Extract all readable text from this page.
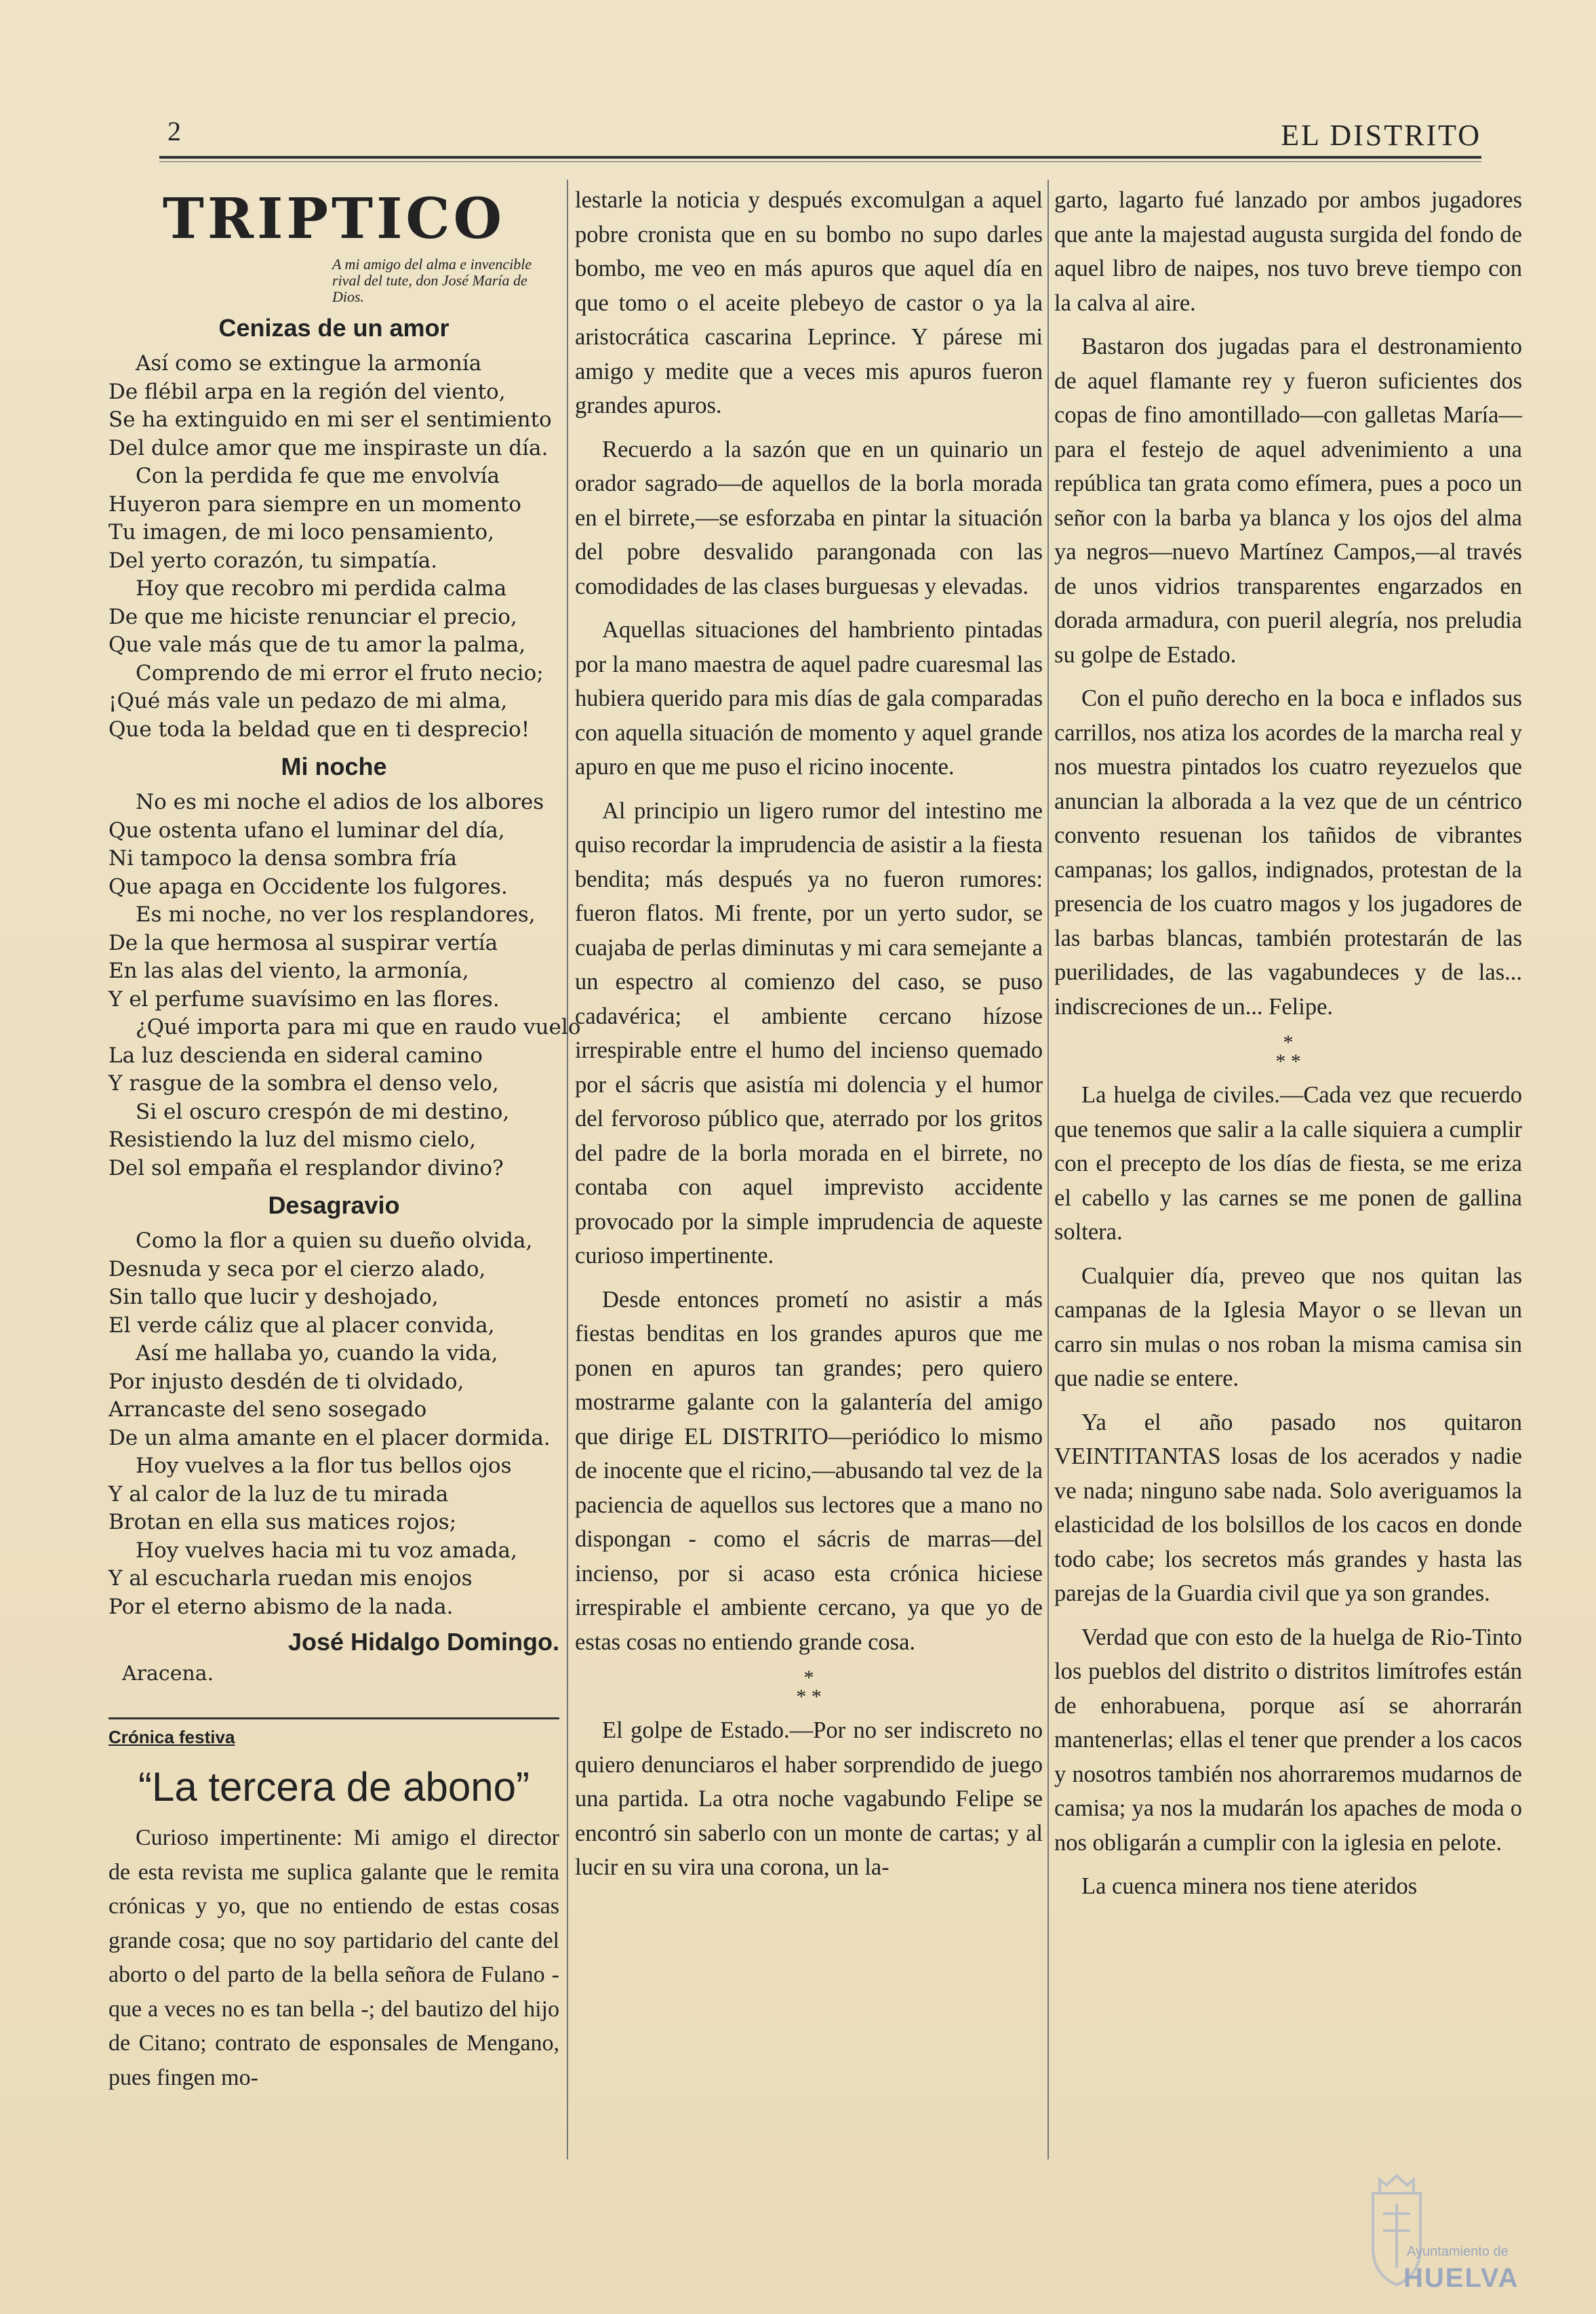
2	EL DISTRITO
TRIPTICO
A mi amigo del alma e invencible rival del tute, don José María de Dios.
Cenizas de un amor
Así como se extingue la armonía
De flébil arpa en la región del viento,
Se ha extinguido en mi ser el sentimiento
Del dulce amor que me inspiraste un día.
Con la perdida fe que me envolvía
Huyeron para siempre en un momento
Tu imagen, de mi loco pensamiento,
Del yerto corazón, tu simpatía.
Hoy que recobro mi perdida calma
De que me hiciste renunciar el precio,
Que vale más que de tu amor la palma,
Comprendo de mi error el fruto necio;
¡Qué más vale un pedazo de mi alma,
Que toda la beldad que en ti desprecio!
Mi noche
No es mi noche el adios de los albores
Que ostenta ufano el luminar del día,
Ni tampoco la densa sombra fría
Que apaga en Occidente los fulgores.
Es mi noche, no ver los resplandores,
De la que hermosa al suspirar vertía
En las alas del viento, la armonía,
Y el perfume suavísimo en las flores.
¿Qué importa para mi que en raudo vuelo
La luz descienda en sideral camino
Y rasgue de la sombra el denso velo,
Si el oscuro crespón de mi destino,
Resistiendo la luz del mismo cielo,
Del sol empaña el resplandor divino?
Desagravio
Como la flor a quien su dueño olvida,
Desnuda y seca por el cierzo alado,
Sin tallo que lucir y deshojado,
El verde cáliz que al placer convida,
Así me hallaba yo, cuando la vida,
Por injusto desdén de ti olvidado,
Arrancaste del seno sosegado
De un alma amante en el placer dormida.
Hoy vuelves a la flor tus bellos ojos
Y al calor de la luz de tu mirada
Brotan en ella sus matices rojos;
Hoy vuelves hacia mi tu voz amada,
Y al escucharla ruedan mis enojos
Por el eterno abismo de la nada.
José Hidalgo Domingo.
Aracena.
Crónica festiva
“La tercera de abono”

Curioso impertinente: Mi amigo el director de esta revista me suplica galante que le remita crónicas y yo, que no entiendo de estas cosas grande cosa; que no soy partidario del cante del aborto o del parto de la bella señora de Fulano - que a veces no es tan bella -; del bautizo del hijo de Citano; contrato de esponsales de Mengano, pues fingen mo-

lestarle la noticia y después excomulgan a aquel pobre cronista que en su bombo no supo darles bombo, me veo en más apuros que aquel día en que tomo o el aceite plebeyo de castor o ya la aristocrática cascarina Leprince. Y párese mi amigo y medite que a veces mis apuros fueron grandes apuros.

Recuerdo a la sazón que en un quinario un orador sagrado—de aquellos de la borla morada en el birrete,—se esforzaba en pintar la situación del pobre desvalido parangonada con las comodidades de las clases burguesas y elevadas.

Aquellas situaciones del hambriento pintadas por la mano maestra de aquel padre cuaresmal las hubiera querido para mis días de gala comparadas con aquella situación de momento y aquel grande apuro en que me puso el ricino inocente.

Al principio un ligero rumor del intestino me quiso recordar la imprudencia de asistir a la fiesta bendita; más después ya no fueron rumores: fueron flatos. Mi frente, por un yerto sudor, se cuajaba de perlas diminutas y mi cara semejante a un espectro al comienzo del caso, se puso cadavérica; el ambiente cercano hízose irrespirable entre el humo del incienso quemado por el sácris que asistía mi dolencia y el humor del fervoroso público que, aterrado por los gritos del padre de la borla morada en el birrete, no contaba con aquel imprevisto accidente provocado por la simple imprudencia de aqueste curioso impertinente.

Desde entonces prometí no asistir a más fiestas benditas en los grandes apuros que me ponen en apuros tan grandes; pero quiero mostrarme galante con la galantería del amigo que dirige EL DISTRITO—periódico lo mismo de inocente que el ricino,—abusando tal vez de la paciencia de aquellos sus lectores que a mano no dispongan - como el sácris de marras—del incienso, por si acaso esta crónica hiciese irrespirable el ambiente cercano, ya que yo de estas cosas no entiendo grande cosa.

*
* *

El golpe de Estado.—Por no ser indiscreto no quiero denunciaros el haber sorprendido de juego una partida. La otra noche vagabundo Felipe se encontró sin saberlo con un monte de cartas; y al lucir en su vira una corona, un la-

garto, lagarto fué lanzado por ambos jugadores que ante la majestad augusta surgida del fondo de aquel libro de naipes, nos tuvo breve tiempo con la calva al aire.

Bastaron dos jugadas para el destronamiento de aquel flamante rey y fueron suficientes dos copas de fino amontillado—con galletas María—para el festejo de aquel advenimiento a una república tan grata como efímera, pues a poco un señor con la barba ya blanca y los ojos del alma ya negros—nuevo Martínez Campos,—al través de unos vidrios transparentes engarzados en dorada armadura, con pueril alegría, nos preludia su golpe de Estado.

Con el puño derecho en la boca e inflados sus carrillos, nos atiza los acordes de la marcha real y nos muestra pintados los cuatro reyezuelos que anuncian la alborada a la vez que de un céntrico convento resuenan los tañidos de vibrantes campanas; los gallos, indignados, protestan de la presencia de los cuatro magos y los jugadores de las barbas blancas, también protestarán de las puerilidades, de las vagabundeces y de las... indiscreciones de un... Felipe.

*
* *

La huelga de civiles.—Cada vez que recuerdo que tenemos que salir a la calle siquiera a cumplir con el precepto de los días de fiesta, se me eriza el cabello y las carnes se me ponen de gallina soltera.

Cualquier día, preveo que nos quitan las campanas de la Iglesia Mayor o se llevan un carro sin mulas o nos roban la misma camisa sin que nadie se entere.

Ya el año pasado nos quitaron VEINTITANTAS losas de los acerados y nadie ve nada; ninguno sabe nada. Solo averiguamos la elasticidad de los bolsillos de los cacos en donde todo cabe; los secretos más grandes y hasta las parejas de la Guardia civil que ya son grandes.

Verdad que con esto de la huelga de Rio-Tinto los pueblos del distrito o distritos limítrofes están de enhorabuena, porque así se ahorrarán mantenerlas; ellas el tener que prender a los cacos y nosotros también nos ahorraremos mudarnos de camisa; ya nos la mudarán los apaches de moda o nos obligarán a cumplir con la iglesia en pelote.

La cuenca minera nos tiene ateridos

Ayuntamiento de
HUELVA
